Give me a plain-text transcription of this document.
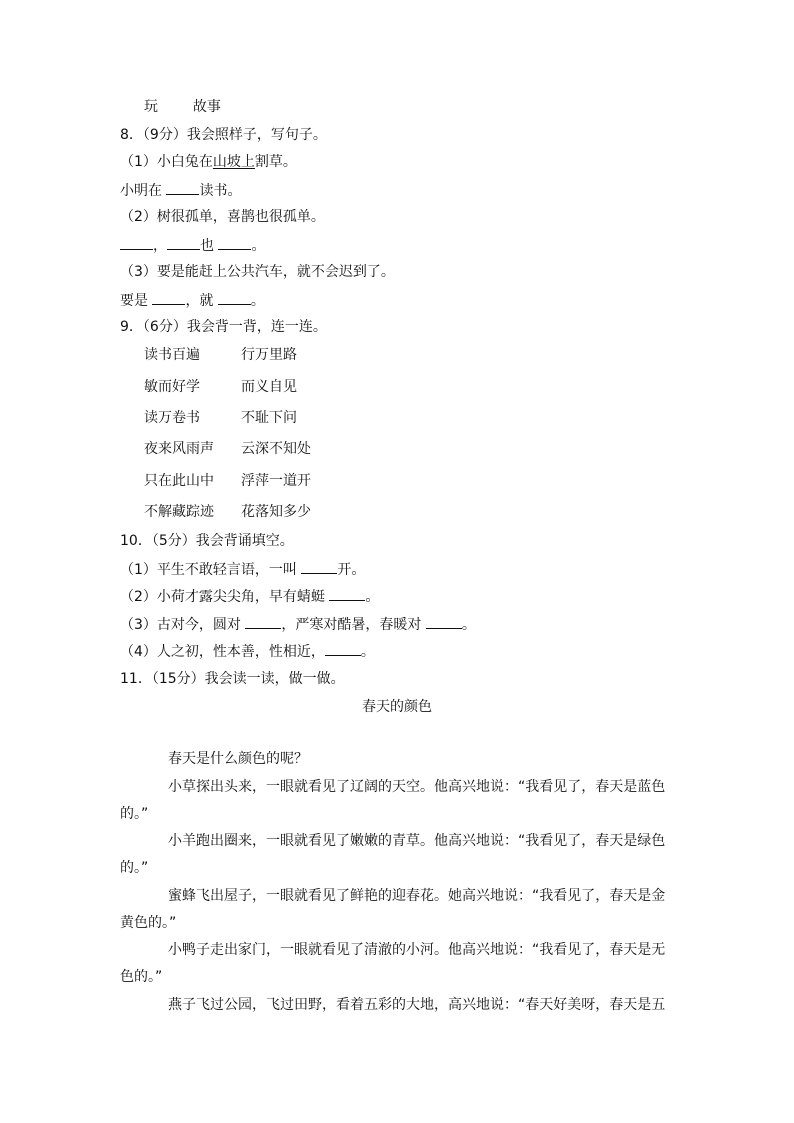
玩 故事
8．（9分）我会照样子，写句子。
（1）小白兔在山坡上割草。
小明在 读书。
（2）树很孤单，喜鹊也很孤单。
， 也 。
（3）要是能赶上公共汽车，就不会迟到了。
要是 ，就 。
9．（6分）我会背一背，连一连。
读书百遍	行万里路
敏而好学	而义自见
读万卷书	不耻下问
夜来风雨声 云深不知处
只在此山中 浮萍一道开
不解藏踪迹 花落知多少
10．（5分）我会背诵填空。
（1）平生不敢轻言语，一叫	开。
（2）小荷才露尖尖角，早有蜻蜓	。
（3）古对今，圆对	，严寒对酷暑，春暖对	。
（4）人之初，性本善，性相近，	。
11．（15分）我会读一读，做一做。
春天的颜色
春天是什么颜色的呢？
小草探出头来，一眼就看见了辽阔的天空。他高兴地说：“我看见了，春天是蓝色
的。”
小羊跑出圈来，一眼就看见了嫩嫩的青草。他高兴地说：“我看见了，春天是绿色
的。”
蜜蜂飞出屋子，一眼就看见了鲜艳的迎春花。她高兴地说：“我看见了，春天是金
黄色的。”
小鸭子走出家门，一眼就看见了清澈的小河。他高兴地说：“我看见了，春天是无
色的。”
燕子飞过公园，飞过田野，看着五彩的大地，高兴地说：“春天好美呀，春天是五
